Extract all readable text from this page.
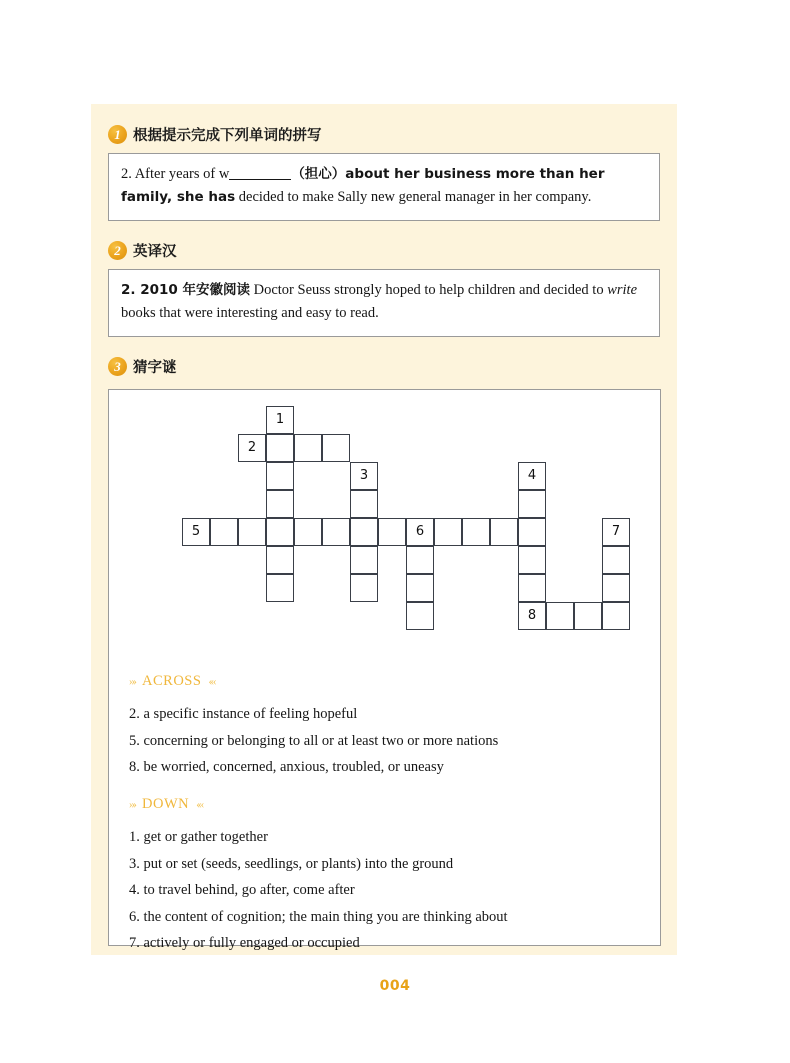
1 根据提示完成下列单词的拼写
2. After years of w	（担心）about her business more than her family, she has decided to make Sally new general manager in her company.
2 英译汉
2. 2010 年安徽阅读 Doctor Seuss strongly hoped to help children and decided to write books that were interesting and easy to read.
3 猜字谜
1
2
3	4
5	6	7
8
»› ACROSS ‹«
2. a specific instance of feeling hopeful
5. concerning or belonging to all or at least two or more nations
8. be worried, concerned, anxious, troubled, or uneasy
»› DOWN ‹«
1. get or gather together
3. put or set (seeds, seedlings, or plants) into the ground
4. to travel behind, go after, come after
6. the content of cognition; the main thing you are thinking about
7. actively or fully engaged or occupied
004
